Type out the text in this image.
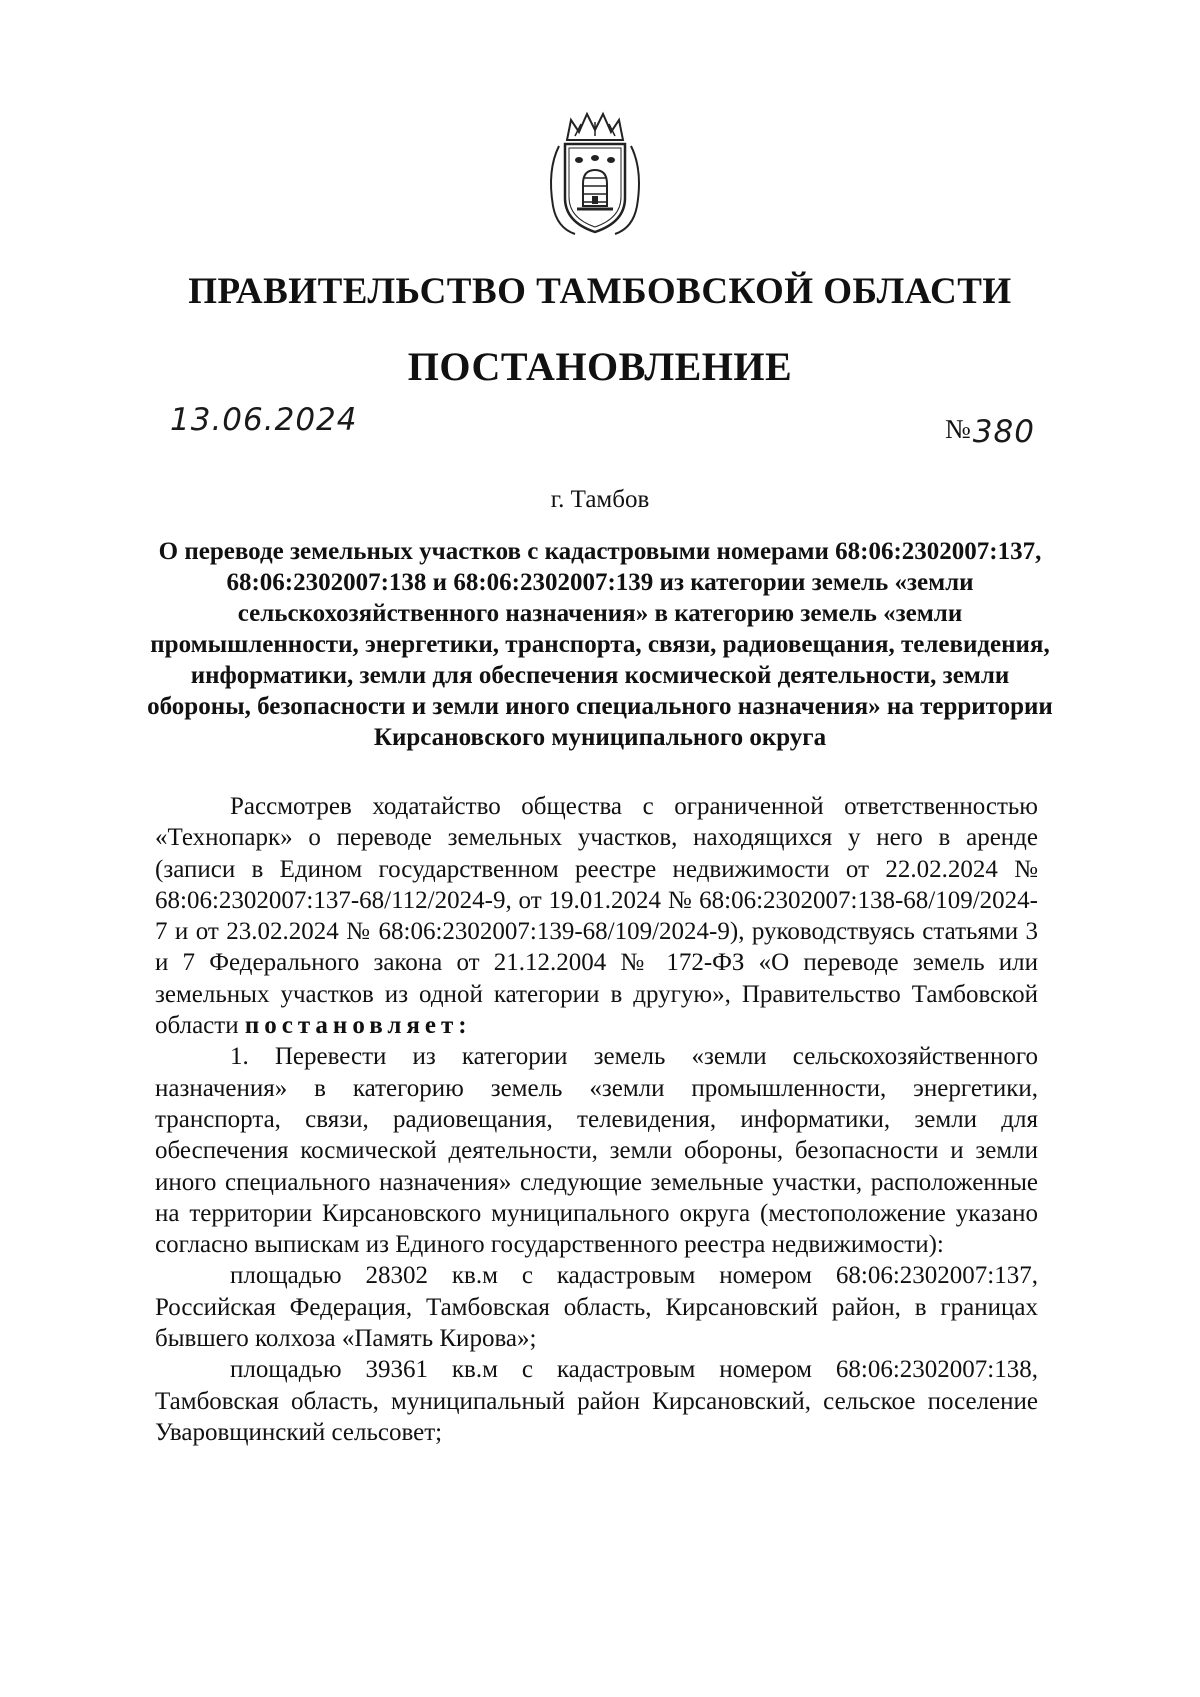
ПРАВИТЕЛЬСТВО ТАМБОВСКОЙ ОБЛАСТИ
ПОСТАНОВЛЕНИЕ
13.06.2024	№380
г. Тамбов
О переводе земельных участков с кадастровыми номерами 68:06:2302007:137, 68:06:2302007:138 и 68:06:2302007:139 из категории земель «земли сельскохозяйственного назначения» в категорию земель «земли промышленности, энергетики, транспорта, связи, радиовещания, телевидения, информатики, земли для обеспечения космической деятельности, земли обороны, безопасности и земли иного специального назначения» на территории Кирсановского муниципального округа

Рассмотрев ходатайство общества с ограниченной ответственностью «Технопарк» о переводе земельных участков, находящихся у него в аренде (записи в Едином государственном реестре недвижимости от 22.02.2024 № 68:06:2302007:137-68/112/2024-9, от 19.01.2024 № 68:06:2302007:138-68/109/2024-7 и от 23.02.2024 № 68:06:2302007:139-68/109/2024-9), руководствуясь статьями 3 и 7 Федерального закона от 21.12.2004 № 172-ФЗ «О переводе земель или земельных участков из одной категории в другую», Правительство Тамбовской области постановляет:

1. Перевести из категории земель «земли сельскохозяйственного назначения» в категорию земель «земли промышленности, энергетики, транспорта, связи, радиовещания, телевидения, информатики, земли для обеспечения космической деятельности, земли обороны, безопасности и земли иного специального назначения» следующие земельные участки, расположенные на территории Кирсановского муниципального округа (местоположение указано согласно выпискам из Единого государственного реестра недвижимости):

площадью 28302 кв.м с кадастровым номером 68:06:2302007:137, Российская Федерация, Тамбовская область, Кирсановский район, в границах бывшего колхоза «Память Кирова»;

площадью 39361 кв.м с кадастровым номером 68:06:2302007:138, Тамбовская область, муниципальный район Кирсановский, сельское поселение Уваровщинский сельсовет;
